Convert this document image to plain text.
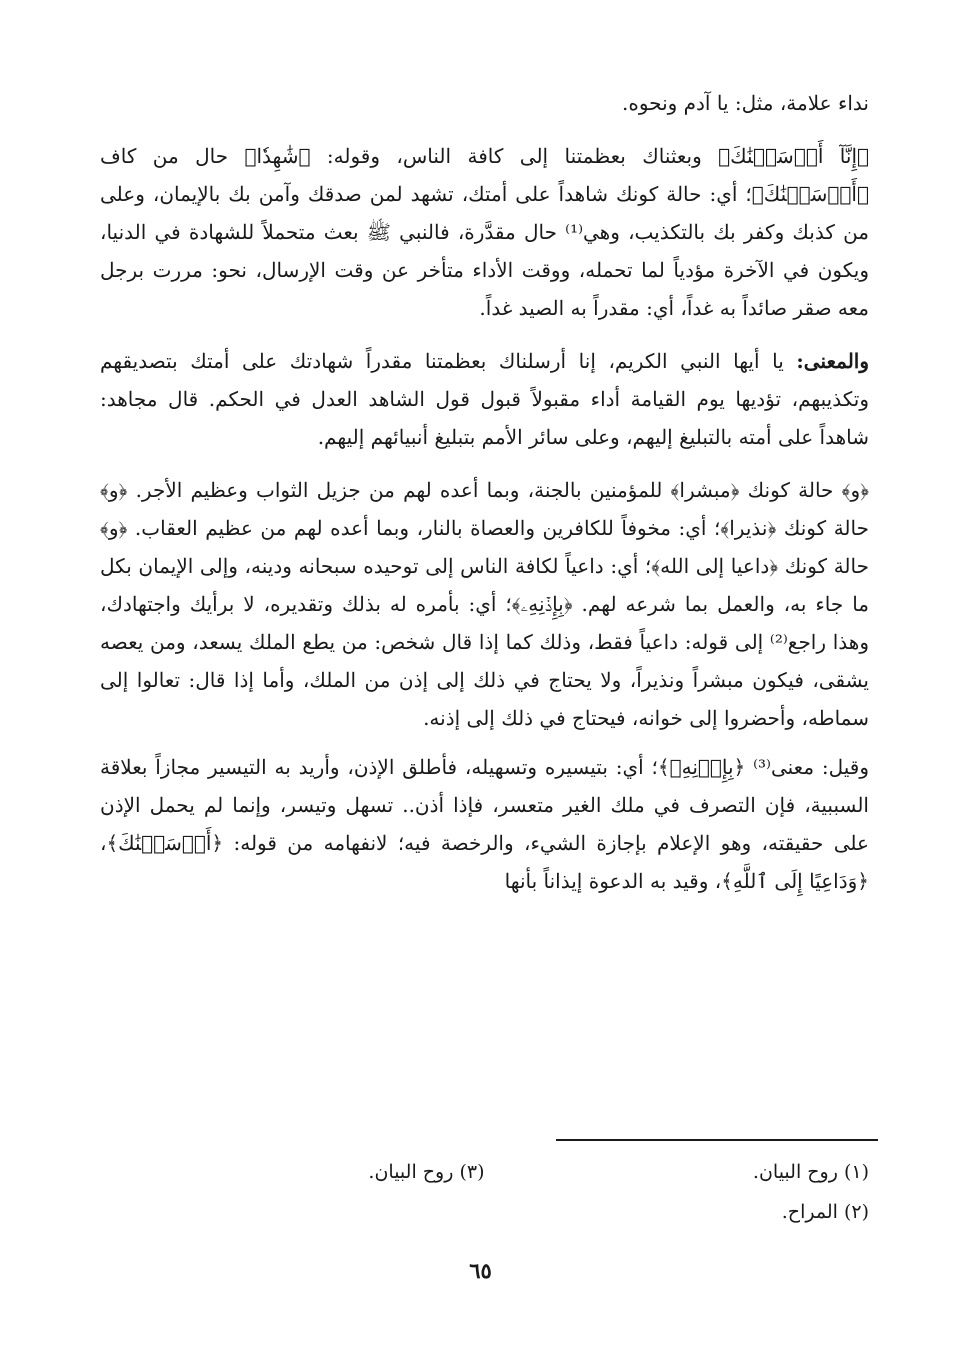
نداء علامة، مثل: يا آدم ونحوه.

﴿إِنَّآ أَرۡسَلۡنَٰكَ﴾ وبعثناك بعظمتنا إلى كافة الناس، وقوله: ﴿شَٰهِدٗا﴾ حال من كاف ﴿أَرۡسَلۡنَٰكَ﴾؛ أي: حالة كونك شاهداً على أمتك، تشهد لمن صدقك وآمن بك بالإيمان، وعلى من كذبك وكفر بك بالتكذيب، وهي⁽¹⁾ حال مقدَّرة، فالنبي ﷺ بعث متحملاً للشهادة في الدنيا، ويكون في الآخرة مؤدياً لما تحمله، ووقت الأداء متأخر عن وقت الإرسال، نحو: مررت برجل معه صقر صائداً به غداً، أي: مقدراً به الصيد غداً.

والمعنى: يا أيها النبي الكريم، إنا أرسلناك بعظمتنا مقدراً شهادتك على أمتك بتصديقهم وتكذيبهم، تؤديها يوم القيامة أداء مقبولاً قبول قول الشاهد العدل في الحكم. قال مجاهد: شاهداً على أمته بالتبليغ إليهم، وعلى سائر الأمم بتبليغ أنبيائهم إليهم.

﴿و﴾ حالة كونك ﴿مبشرا﴾ للمؤمنين بالجنة، وبما أعده لهم من جزيل الثواب وعظيم الأجر. ﴿و﴾ حالة كونك ﴿نذيرا﴾؛ أي: مخوفاً للكافرين والعصاة بالنار، وبما أعده لهم من عظيم العقاب. ﴿و﴾ حالة كونك ﴿داعيا إلى الله﴾؛ أي: داعياً لكافة الناس إلى توحيده سبحانه ودينه، وإلى الإيمان بكل ما جاء به، والعمل بما شرعه لهم. ﴿بِإِذۡنِهِۦ﴾؛ أي: بأمره له بذلك وتقديره، لا برأيك واجتهادك، وهذا راجع⁽²⁾ إلى قوله: داعياً فقط، وذلك كما إذا قال شخص: من يطع الملك يسعد، ومن يعصه يشقى، فيكون مبشراً ونذيراً، ولا يحتاج في ذلك إلى إذن من الملك، وأما إذا قال: تعالوا إلى سماطه، وأحضروا إلى خوانه، فيحتاج في ذلك إلى إذنه.

وقيل: معنى⁽³⁾ ﴿بِإِذۡنِهِۦ﴾؛ أي: بتيسيره وتسهيله، فأطلق الإذن، وأريد به التيسير مجازاً بعلاقة السببية، فإن التصرف في ملك الغير متعسر، فإذا أذن.. تسهل وتيسر، وإنما لم يحمل الإذن على حقيقته، وهو الإعلام بإجازة الشيء، والرخصة فيه؛ لانفهامه من قوله: ﴿أَرۡسَلۡنَٰكَ﴾، ﴿وَدَاعِيًا إِلَى ٱللَّهِ﴾، وقيد به الدعوة إيذاناً بأنها

(١) روح البيان.
(٣) روح البيان.
(٢) المراح.
٦٥
